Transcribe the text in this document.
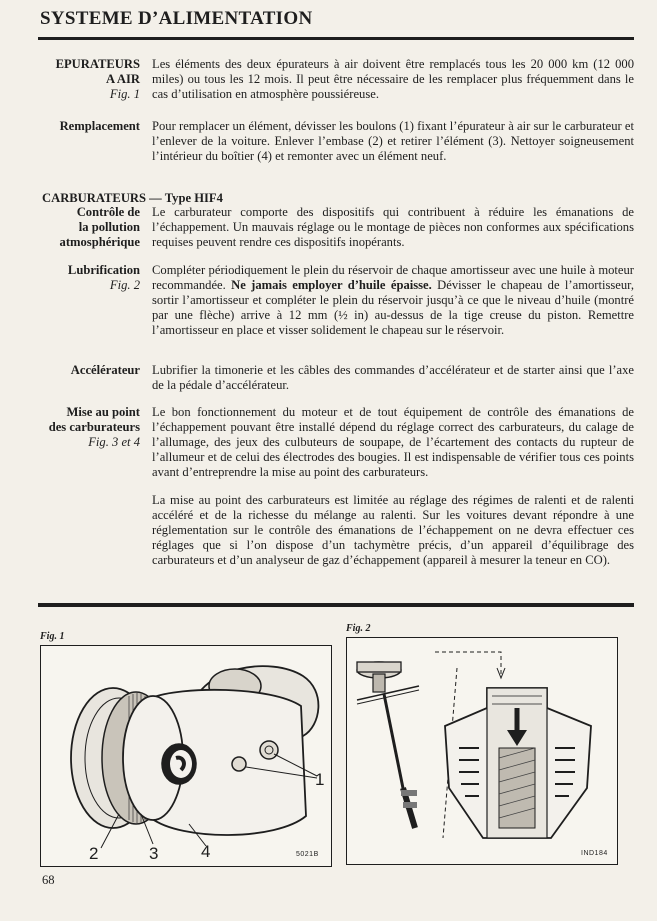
SYSTEME D’ALIMENTATION
EPURATEURS
A AIR
Fig. 1

Les éléments des deux épurateurs à air doivent être remplacés tous les 20 000 km (12 000 miles) ou tous les 12 mois. Il peut être nécessaire de les remplacer plus fréquemment dans le cas d’utilisation en atmosphère poussiéreuse.

Remplacement Pour remplacer un élément, dévisser les boulons (1) fixant l’épurateur à air sur le carburateur et l’enlever de la voiture. Enlever l’embase (2) et retirer l’élément (3). Nettoyer soigneusement l’intérieur du boîtier (4) et remonter avec un élément neuf.

CARBURATEURS — Type HIF4
Contrôle de
la pollution
atmosphérique

Le carburateur comporte des dispositifs qui contribuent à réduire les émanations de l’échappement. Un mauvais réglage ou le montage de pièces non conformes aux spécifications requises peuvent rendre ces dispositifs inopérants.

Lubrification
Fig. 2

Compléter périodiquement le plein du réservoir de chaque amortisseur avec une huile à moteur recommandée. Ne jamais employer d’huile épaisse. Dévisser le chapeau de l’amortisseur, sortir l’amortisseur et compléter le plein du réservoir jusqu’à ce que le niveau d’huile (montré par une flèche) arrive à 12 mm (½ in) au-dessus de la tige creuse du piston. Remettre l’amortisseur en place et visser solidement le chapeau sur le réservoir.

Accélérateur Lubrifier la timonerie et les câbles des commandes d’accélérateur et de starter ainsi que l’axe de la pédale d’accélérateur.

Mise au point
des carburateurs
Fig. 3 et 4

Le bon fonctionnement du moteur et de tout équipement de contrôle des émanations de l’échappement pouvant être installé dépend du réglage correct des carburateurs, du calage de l’allumage, des jeux des culbuteurs de soupape, de l’écartement des contacts du rupteur de l’allumeur et de celui des électrodes des bougies. Il est indispensable de vérifier tous ces points avant d’entreprendre la mise au point des carburateurs.

La mise au point des carburateurs est limitée au réglage des régimes de ralenti et de ralenti accéléré et de la richesse du mélange au ralenti. Sur les voitures devant répondre à une réglementation sur le contrôle des émanations de l’échappement on ne devra effectuer ces réglages que si l’on dispose d’un tachymètre précis, d’un appareil d’équilibrage des carburateurs et d’un analyseur de gaz d’échappement (appareil à mesurer la teneur en CO).

Fig. 1
1
2	3	4	5021B
Fig. 2
IND184
68
